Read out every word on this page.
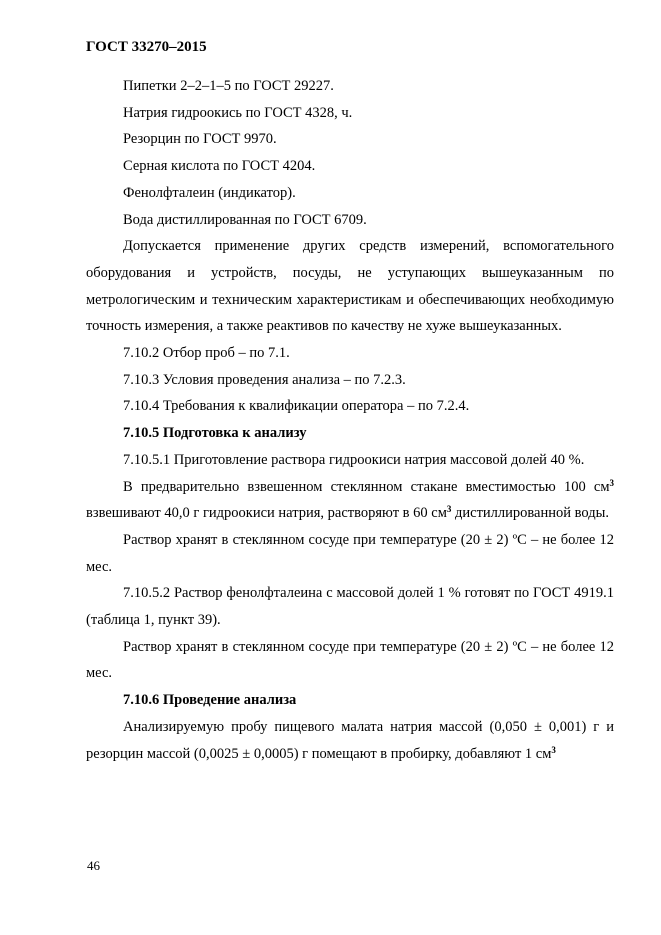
ГОСТ 33270–2015

Пипетки 2–2–1–5 по ГОСТ 29227.

Натрия гидроокись по ГОСТ 4328, ч.

Резорцин по ГОСТ 9970.

Серная кислота по ГОСТ 4204.

Фенолфталеин (индикатор).

Вода дистиллированная по ГОСТ 6709.

Допускается применение других средств измерений, вспомогательного оборудования и устройств, посуды, не уступающих вышеуказанным по метрологическим и техническим характеристикам и обеспечивающих необходимую точность измерения, а также реактивов по качеству не хуже вышеуказанных.

7.10.2 Отбор проб – по 7.1.

7.10.3 Условия проведения анализа – по 7.2.3.

7.10.4 Требования к квалификации оператора – по 7.2.4.

7.10.5 Подготовка к анализу

7.10.5.1 Приготовление раствора гидроокиси натрия массовой долей 40 %.

В предварительно взвешенном стеклянном стакане вместимостью 100 $см^3$ взвешивают 40,0 г гидроокиси натрия, растворяют в 60 $см^3$ дистиллированной воды.

Раствор хранят в стеклянном сосуде при температуре (20 ± 2) ºС – не более 12 мес.

7.10.5.2 Раствор фенолфталеина с массовой долей 1 % готовят по ГОСТ 4919.1 (таблица 1, пункт 39).

Раствор хранят в стеклянном сосуде при температуре (20 ± 2) ºС – не более 12 мес.

7.10.6 Проведение анализа

Анализируемую пробу пищевого малата натрия массой (0,050 ± 0,001) г и резорцин массой (0,0025 ± 0,0005) г помещают в пробирку, добавляют 1 $см^3$

46
